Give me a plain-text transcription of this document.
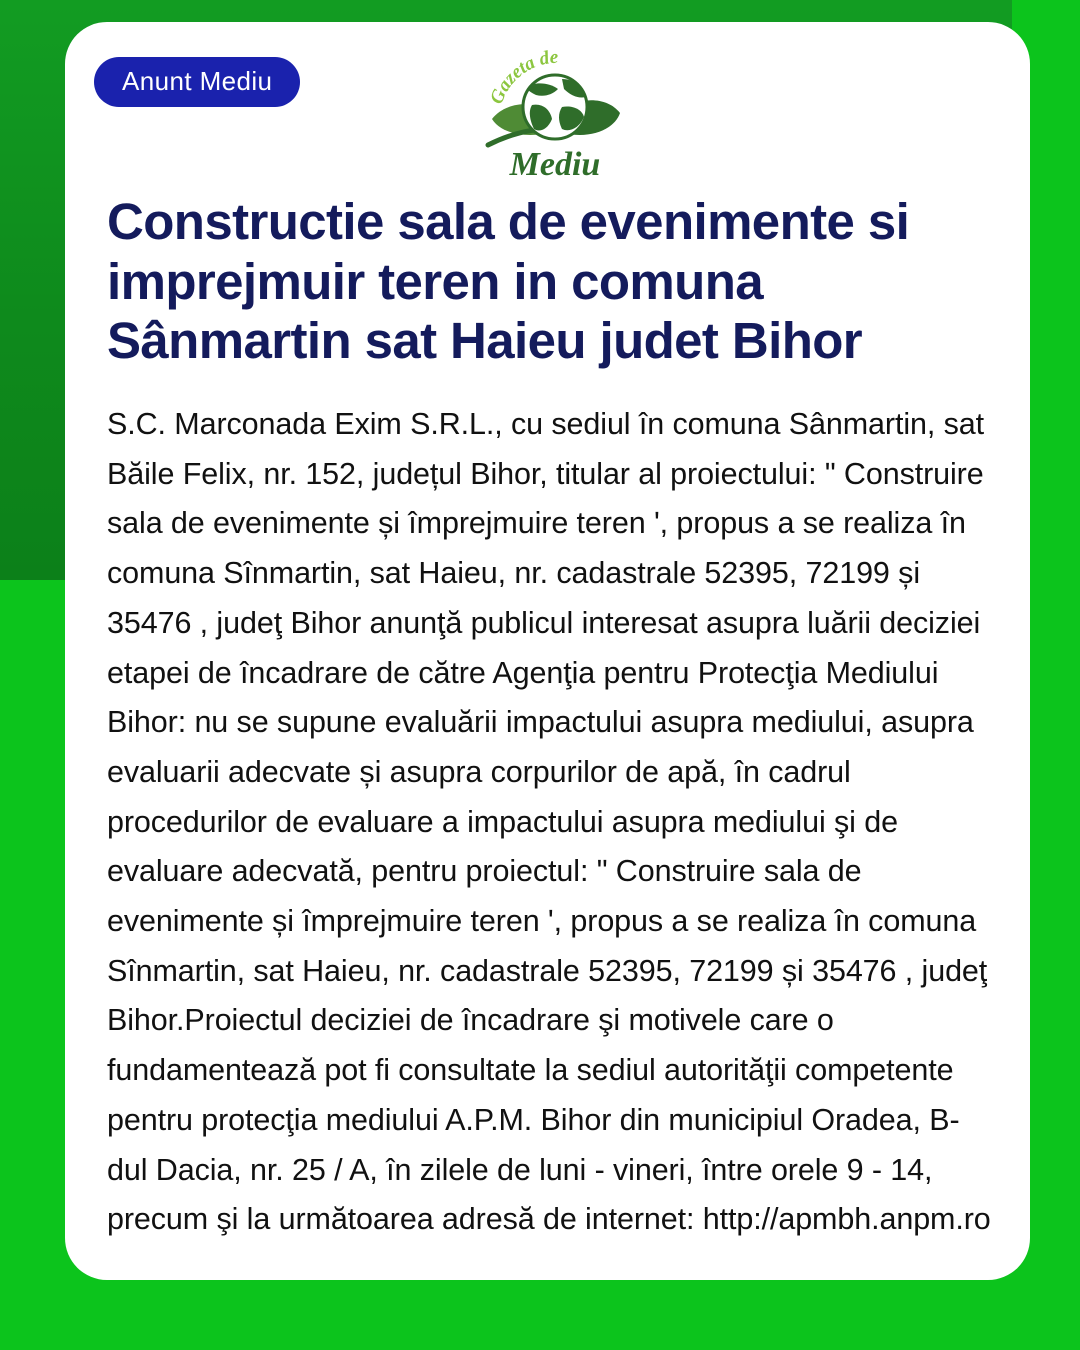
Anunt Mediu
Gazeta de
Mediu
Constructie sala de evenimente si imprejmuir teren in comuna Sânmartin sat Haieu judet Bihor

S.C. Marconada Exim S.R.L., cu sediul în comuna Sânmartin, sat Băile Felix, nr. 152, județul Bihor, titular al proiectului: ʺ Construire sala de evenimente și împrejmuire teren ʹ, propus a se realiza în comuna Sînmartin, sat Haieu, nr. cadastrale 52395, 72199 și 35476 , judeţ Bihor anunţă publicul interesat asupra luării deciziei etapei de încadrare de către Agenţia pentru Protecţia Mediului Bihor: nu se supune evaluării impactului asupra mediului, asupra evaluarii adecvate și asupra corpurilor de apă, în cadrul procedurilor de evaluare a impactului asupra mediului şi de evaluare adecvată, pentru proiectul: ʺ Construire sala de evenimente și împrejmuire teren ʹ, propus a se realiza în comuna Sînmartin, sat Haieu, nr. cadastrale 52395, 72199 și 35476 , judeţ Bihor.Proiectul deciziei de încadrare şi motivele care o fundamentează pot fi consultate la sediul autorităţii competente pentru protecţia mediului A.P.M. Bihor din municipiul Oradea, B-dul Dacia, nr. 25 / A, în zilele de luni - vineri, între orele 9 - 14, precum şi la următoarea adresă de internet: http://apmbh.anpm.ro
